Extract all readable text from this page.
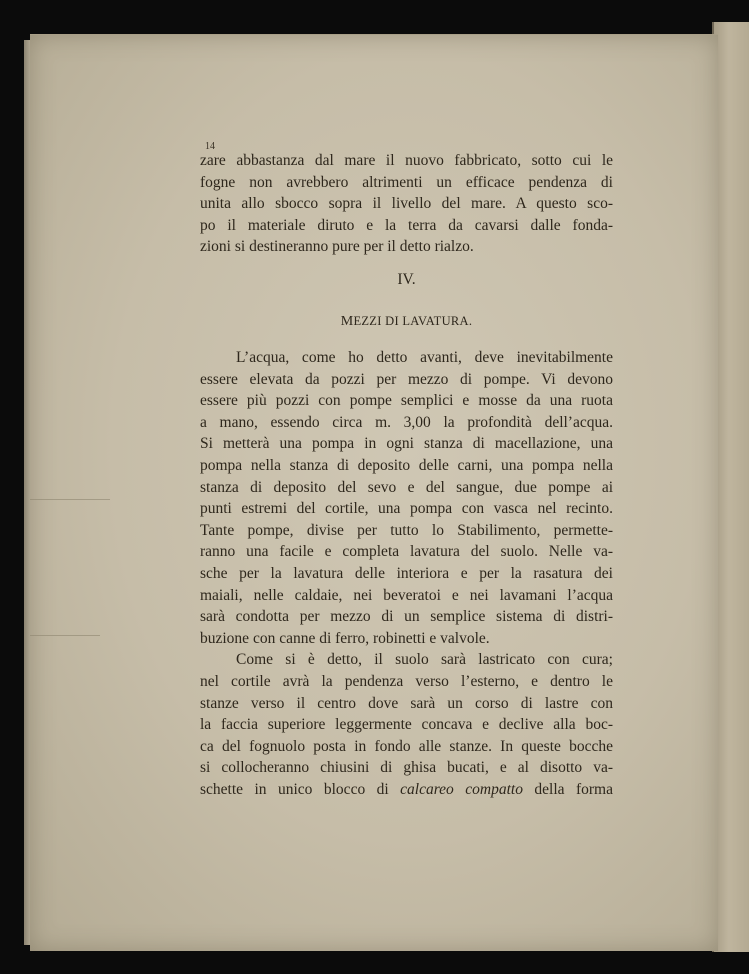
14
zare abbastanza dal mare il nuovo fabbricato, sotto cui le
fogne non avrebbero altrimenti un efficace pendenza di
unita allo sbocco sopra il livello del mare. A questo sco-
po il materiale diruto e la terra da cavarsi dalle fonda-
zioni si destineranno pure per il detto rialzo.
IV.
MEZZI DI LAVATURA.
L’acqua, come ho detto avanti, deve inevitabilmente
essere elevata da pozzi per mezzo di pompe. Vi devono
essere più pozzi con pompe semplici e mosse da una ruota
a mano, essendo circa m. 3,00 la profondità dell’acqua.
Si metterà una pompa in ogni stanza di macellazione, una
pompa nella stanza di deposito delle carni, una pompa nella
stanza di deposito del sevo e del sangue, due pompe ai
punti estremi del cortile, una pompa con vasca nel recinto.
Tante pompe, divise per tutto lo Stabilimento, permette-
ranno una facile e completa lavatura del suolo. Nelle va-
sche per la lavatura delle interiora e per la rasatura dei
maiali, nelle caldaie, nei beveratoi e nei lavamani l’acqua
sarà condotta per mezzo di un semplice sistema di distri-
buzione con canne di ferro, robinetti e valvole.
Come si è detto, il suolo sarà lastricato con cura;
nel cortile avrà la pendenza verso l’esterno, e dentro le
stanze verso il centro dove sarà un corso di lastre con
la faccia superiore leggermente concava e declive alla boc-
ca del fognuolo posta in fondo alle stanze. In queste bocche
si collocheranno chiusini di ghisa bucati, e al disotto va-
schette in unico blocco di calcareo compatto della forma
